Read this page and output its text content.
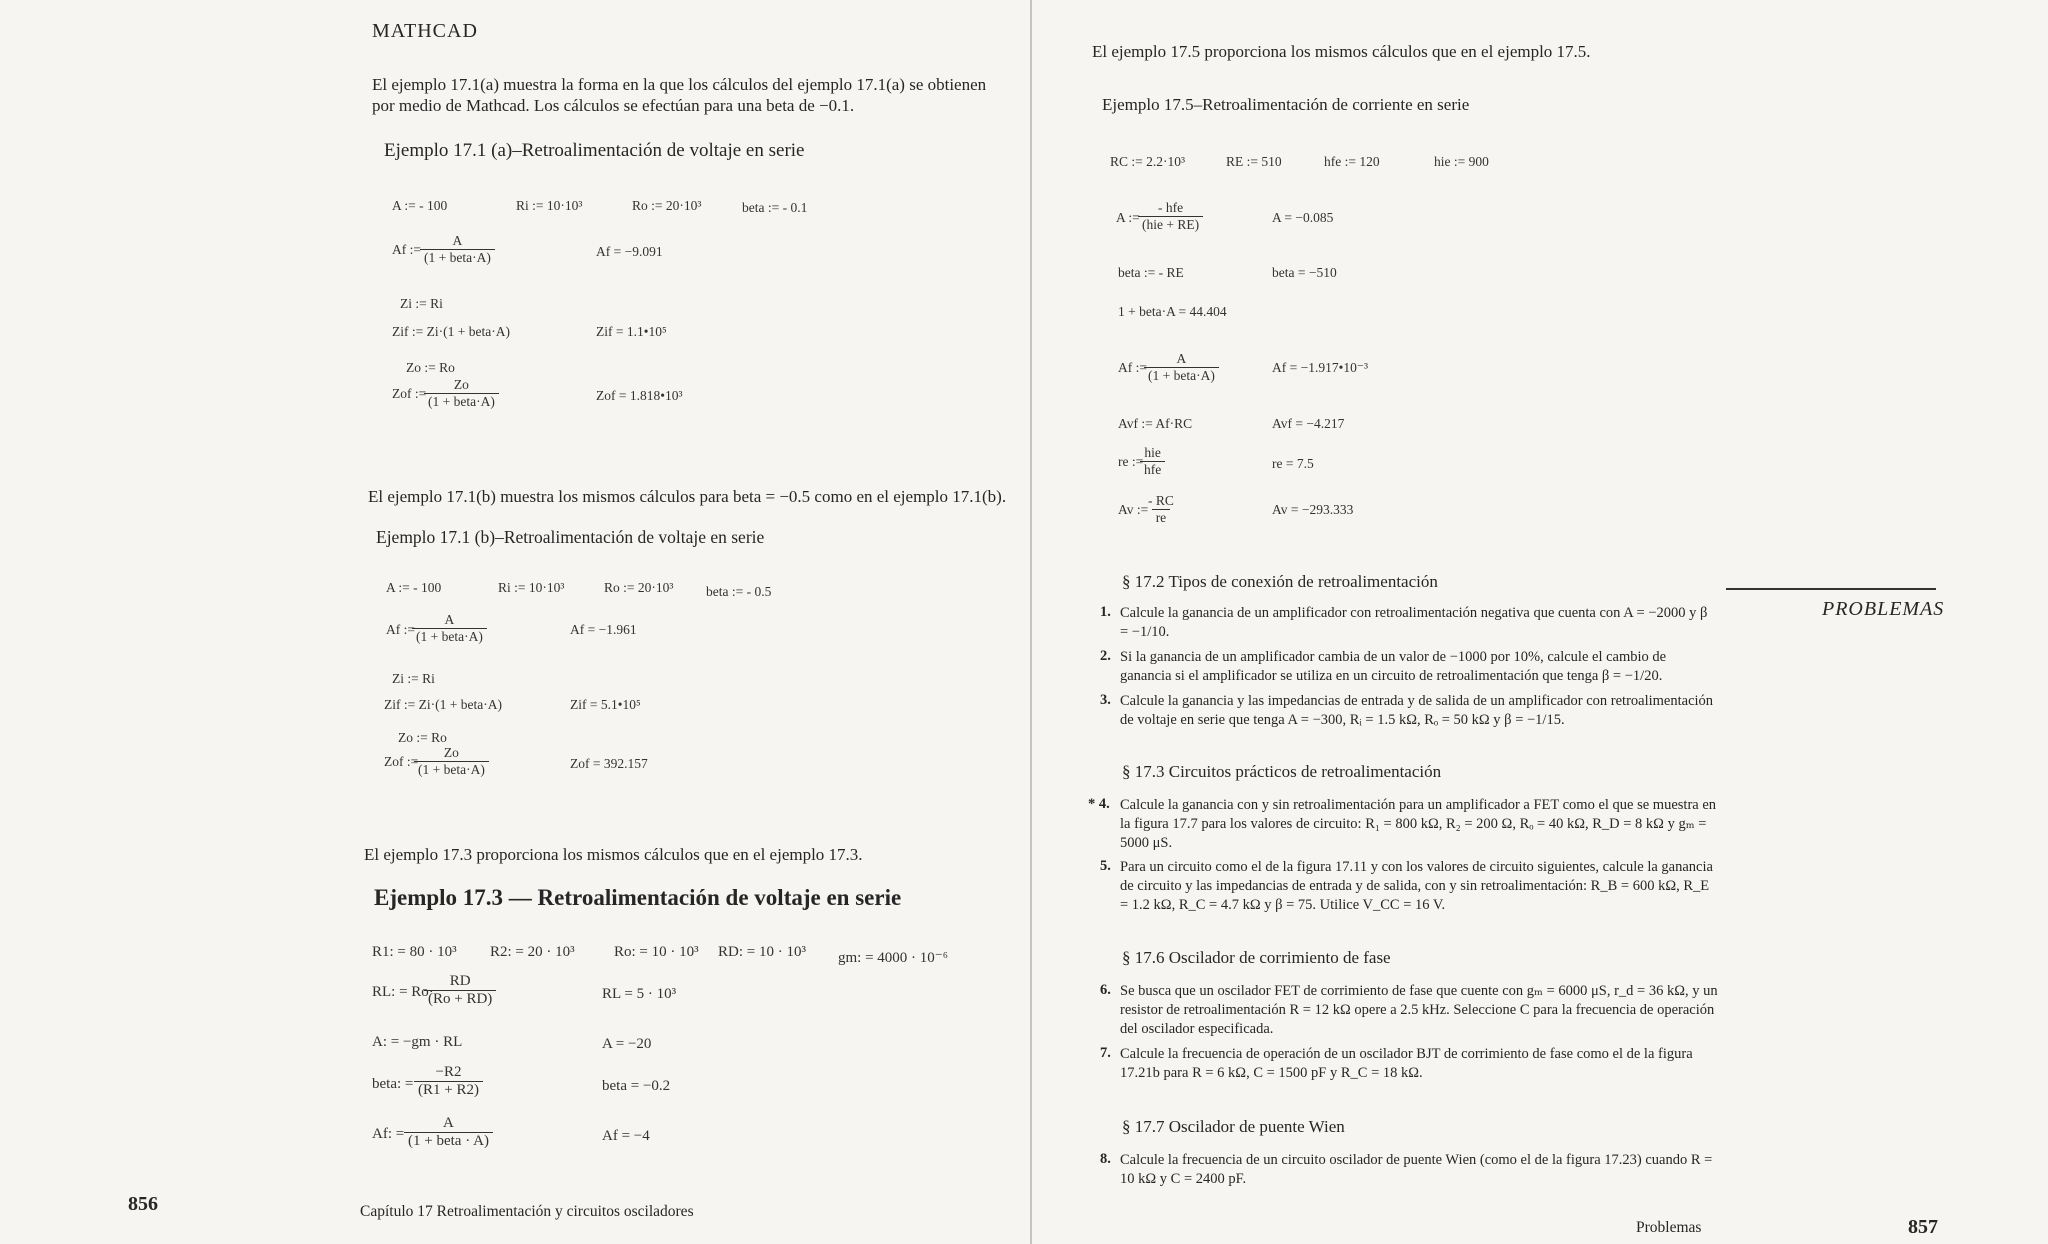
MATHCAD
El ejemplo 17.1(a) muestra la forma en la que los cálculos del ejemplo 17.1(a) se obtienen
por medio de Mathcad. Los cálculos se efectúan para una beta de −0.1.
Ejemplo 17.1 (a)–Retroalimentación de voltaje en serie
A := - 100	Ri := 10·10³	Ro := 20·10³	beta := - 0.1
Af :=
A
(1 + beta·A)	Af = −9.091
Zi := Ri
Zif := Zi·(1 + beta·A)	Zif = 1.1•10⁵
Zo := Ro
Zof :=
Zo
(1 + beta·A)	Zof = 1.818•10³
El ejemplo 17.1(b) muestra los mismos cálculos para beta = −0.5 como en el ejemplo 17.1(b).
Ejemplo 17.1 (b)–Retroalimentación de voltaje en serie
A := - 100	Ri := 10·10³	Ro := 20·10³ beta := - 0.5
Af :=
A
(1 + beta·A)	Af = −1.961
Zi := Ri
Zif := Zi·(1 + beta·A)	Zif = 5.1•10⁵
Zo := Ro
Zof :=
Zo
(1 + beta·A)	Zof = 392.157
El ejemplo 17.3 proporciona los mismos cálculos que en el ejemplo 17.3.
Ejemplo 17.3 — Retroalimentación de voltaje en serie
R1: = 80 · 10³ R2: = 20 · 10³	Ro: = 10 · 10³ RD: = 10 · 10³ gm: = 4000 · 10⁻⁶
RL: = Ro·
$\frac{RD}{(Ro + RD)}$	RL = 5 · 10³
A: = −gm · RL	A = −20
beta: = $\frac{-R2}{(R1 + R2)}$	beta = −0.2
Af: =
A
(1 + beta · A)	Af = −4
856	Capítulo 17 Retroalimentación y circuitos osciladores
El ejemplo 17.5 proporciona los mismos cálculos que en el ejemplo 17.5.
Ejemplo 17.5–Retroalimentación de corriente en serie
RC := 2.2·10³	RE := 510	hfe := 120	hie := 900
A :=
- hfe
(hie + RE)	A = −0.085
beta := - RE	beta = −510
1 + beta·A = 44.404
Af :=
A
(1 + beta·A)
Af = −1.917•10⁻³
Avf := Af·RC	Avf = −4.217
re :=
hie
hfe	re = 7.5
Av :=
$\frac{- RC}{re}$	Av = −293.333
PROBLEMAS
§ 17.2 Tipos de conexión de retroalimentación
1. Calcule la ganancia de un amplificador con retroalimentación negativa que cuenta con A = −2000 y β = −1/10.
2. Si la ganancia de un amplificador cambia de un valor de −1000 por 10%, calcule el cambio de ganancia si el amplificador se utiliza en un circuito de retroalimentación que tenga β = −1/20.
3. Calcule la ganancia y las impedancias de entrada y de salida de un amplificador con retroalimentación de voltaje en serie que tenga A = −300, Rᵢ = 1.5 kΩ, Rₒ = 50 kΩ y β = −1/15.
§ 17.3 Circuitos prácticos de retroalimentación
* 4. Calcule la ganancia con y sin retroalimentación para un amplificador a FET como el que se muestra en la figura 17.7 para los valores de circuito: R₁ = 800 kΩ, R₂ = 200 Ω, Rₒ = 40 kΩ, R_D = 8 kΩ y gₘ = 5000 μS.
5. Para un circuito como el de la figura 17.11 y con los valores de circuito siguientes, calcule la ganancia de circuito y las impedancias de entrada y de salida, con y sin retroalimentación: R_B = 600 kΩ, R_E = 1.2 kΩ, R_C = 4.7 kΩ y β = 75. Utilice V_CC = 16 V.
§ 17.6 Oscilador de corrimiento de fase
6. Se busca que un oscilador FET de corrimiento de fase que cuente con gₘ = 6000 μS, r_d = 36 kΩ, y un resistor de retroalimentación R = 12 kΩ opere a 2.5 kHz. Seleccione C para la frecuencia de operación del oscilador especificada.
7. Calcule la frecuencia de operación de un oscilador BJT de corrimiento de fase como el de la figura 17.21b para R = 6 kΩ, C = 1500 pF y R_C = 18 kΩ.
§ 17.7 Oscilador de puente Wien
8. Calcule la frecuencia de un circuito oscilador de puente Wien (como el de la figura 17.23) cuando R = 10 kΩ y C = 2400 pF.
Problemas	857
